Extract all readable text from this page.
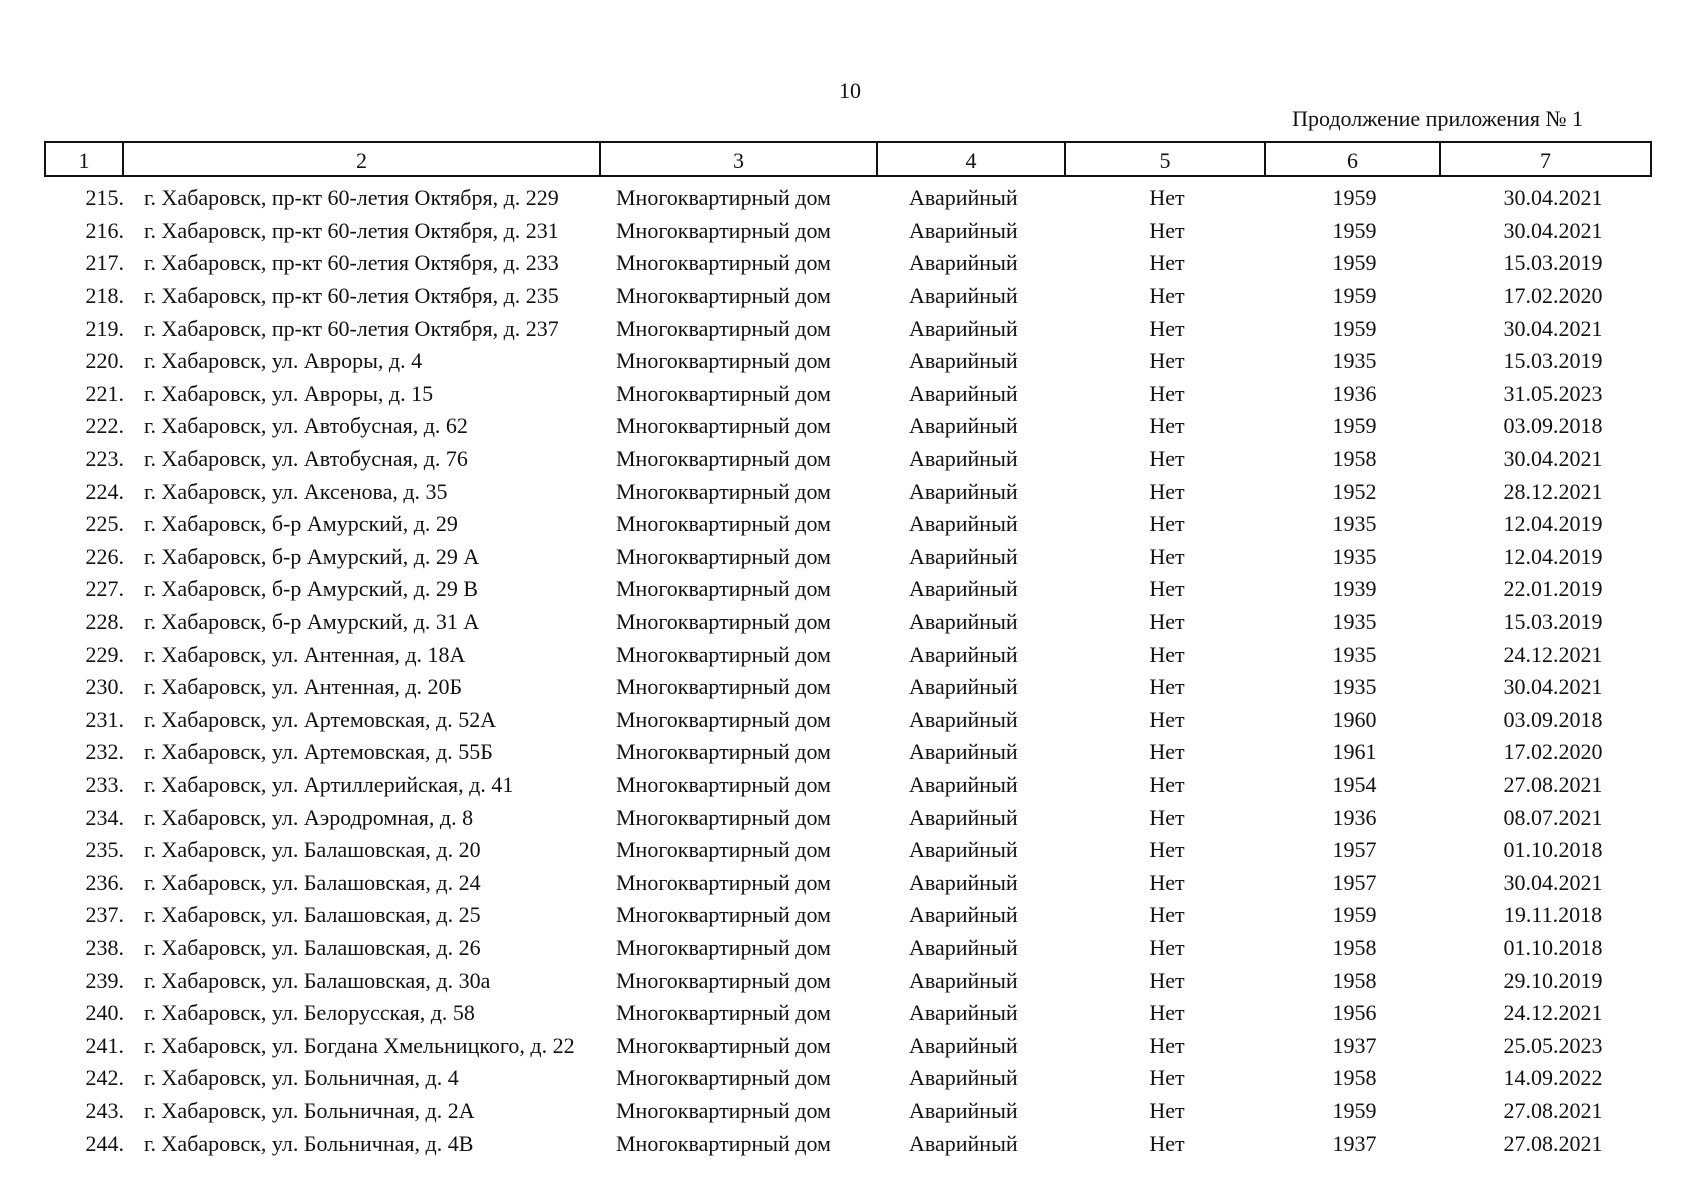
10
Продолжение приложения № 1
1	2	3	4	5	6	7
215. г. Хабаровск, пр-кт 60-летия Октября, д. 229	Многоквартирный дом	Аварийный	Нет	1959	30.04.2021
216. г. Хабаровск, пр-кт 60-летия Октября, д. 231	Многоквартирный дом	Аварийный	Нет	1959	30.04.2021
217. г. Хабаровск, пр-кт 60-летия Октября, д. 233	Многоквартирный дом	Аварийный	Нет	1959	15.03.2019
218. г. Хабаровск, пр-кт 60-летия Октября, д. 235	Многоквартирный дом	Аварийный	Нет	1959	17.02.2020
219. г. Хабаровск, пр-кт 60-летия Октября, д. 237	Многоквартирный дом	Аварийный	Нет	1959	30.04.2021
220. г. Хабаровск, ул. Авроры, д. 4	Многоквартирный дом	Аварийный	Нет	1935	15.03.2019
221. г. Хабаровск, ул. Авроры, д. 15	Многоквартирный дом	Аварийный	Нет	1936	31.05.2023
222. г. Хабаровск, ул. Автобусная, д. 62	Многоквартирный дом	Аварийный	Нет	1959	03.09.2018
223. г. Хабаровск, ул. Автобусная, д. 76	Многоквартирный дом	Аварийный	Нет	1958	30.04.2021
224. г. Хабаровск, ул. Аксенова, д. 35	Многоквартирный дом	Аварийный	Нет	1952	28.12.2021
225. г. Хабаровск, б-р Амурский, д. 29	Многоквартирный дом	Аварийный	Нет	1935	12.04.2019
226. г. Хабаровск, б-р Амурский, д. 29 А	Многоквартирный дом	Аварийный	Нет	1935	12.04.2019
227. г. Хабаровск, б-р Амурский, д. 29 В	Многоквартирный дом	Аварийный	Нет	1939	22.01.2019
228. г. Хабаровск, б-р Амурский, д. 31 А	Многоквартирный дом	Аварийный	Нет	1935	15.03.2019
229. г. Хабаровск, ул. Антенная, д. 18А	Многоквартирный дом	Аварийный	Нет	1935	24.12.2021
230. г. Хабаровск, ул. Антенная, д. 20Б	Многоквартирный дом	Аварийный	Нет	1935	30.04.2021
231. г. Хабаровск, ул. Артемовская, д. 52А	Многоквартирный дом	Аварийный	Нет	1960	03.09.2018
232. г. Хабаровск, ул. Артемовская, д. 55Б	Многоквартирный дом	Аварийный	Нет	1961	17.02.2020
233. г. Хабаровск, ул. Артиллерийская, д. 41	Многоквартирный дом	Аварийный	Нет	1954	27.08.2021
234. г. Хабаровск, ул. Аэродромная, д. 8	Многоквартирный дом	Аварийный	Нет	1936	08.07.2021
235. г. Хабаровск, ул. Балашовская, д. 20	Многоквартирный дом	Аварийный	Нет	1957	01.10.2018
236. г. Хабаровск, ул. Балашовская, д. 24	Многоквартирный дом	Аварийный	Нет	1957	30.04.2021
237. г. Хабаровск, ул. Балашовская, д. 25	Многоквартирный дом	Аварийный	Нет	1959	19.11.2018
238. г. Хабаровск, ул. Балашовская, д. 26	Многоквартирный дом	Аварийный	Нет	1958	01.10.2018
239. г. Хабаровск, ул. Балашовская, д. 30а	Многоквартирный дом	Аварийный	Нет	1958	29.10.2019
240. г. Хабаровск, ул. Белорусская, д. 58	Многоквартирный дом	Аварийный	Нет	1956	24.12.2021
241. г. Хабаровск, ул. Богдана Хмельницкого, д. 22	Многоквартирный дом	Аварийный	Нет	1937	25.05.2023
242. г. Хабаровск, ул. Больничная, д. 4	Многоквартирный дом	Аварийный	Нет	1958	14.09.2022
243. г. Хабаровск, ул. Больничная, д. 2А	Многоквартирный дом	Аварийный	Нет	1959	27.08.2021
244. г. Хабаровск, ул. Больничная, д. 4В	Многоквартирный дом	Аварийный	Нет	1937	27.08.2021
